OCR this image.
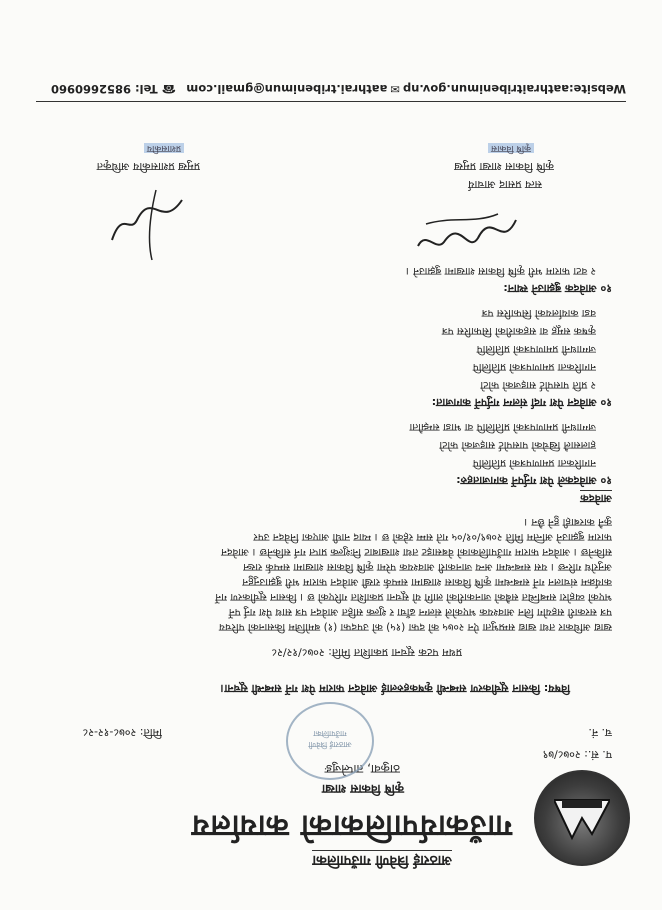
आठराई त्रिवेणी गाउँपालिका
गाउँकार्यपालिकाको कार्यालय
कृषि विकास शाखा
ठाकुवा, ताप्लेजुङ
आठराई त्रिवेणी गाउँपालिका
प. सं.: २०७८/७९
च. नं.
मिति: २०७८-१२-२८
विषय: किसान सूचीकरण सम्बन्धी कृषकहरुलाई आवेदन फाराम पेश गर्ने सम्बन्धी सूचना।
प्रथम पटक सूचना प्रकाशित मिति: २०७८/१२/२८
खाद्य अधिकार तथा खाद्य सम्प्रभुता ऐन २०७५ को दफा (१५) को उपदफा (१) बमोजिम किसानको परिचय
पत्र सरकारी सहयोग लिन आवश्यक भएकोले संलग्न ढाँचा र शुल्क सहित आवेदन पत्र साथ पेश गर्नु पर्ने
भएको व्यहोरा सम्बन्धित सबैको जानकारीको लागि यो सूचना प्रकाशित गरिएको छ । किसान सूचीकरण गर्ने
कार्यक्रम संचालन गर्ने सम्बन्धमा कृषि विकास शाखामा सम्पर्क राखी आवेदन फाराम भरी बुझाउनुहुन
अनुरोध गरिन्छ । यस सम्बन्धमा अन्य जानकारी आवश्यक परेमा कृषि विकास शाखामा सम्पर्क राख्न
सकिनेछ । आवेदन फाराम गाउँपालिकाको वेबसाइट तथा शाखाबाट निःशुल्क प्राप्त गर्न सकिनेछ । आवेदन
फाराम बुझाउने अन्तिम मिति २०७९/०१/०५ गते सम्म रहेको छ । म्याद नाघी आएका निवेदन उपर
कुनै कारबाही हुने छैन ।
आवेदक
१० आवेदकले पेश गर्नुपर्ने कागजातहरु:
नागरिकता प्रमाणपत्रको प्रतिलिपि
हालसालै खिचेको पासपोर्ट साइजको फोटो
जग्गाधनी प्रमाणपत्रको प्रतिलिपि वा भाडा सम्झौता
१० आवेदन पेश गर्दा संलग्न गर्नुपर्ने कागजात:
२ प्रति पासपोर्ट साइजको फोटो
नागरिकता प्रमाणपत्रको प्रतिलिपि
जग्गाधनी प्रमाणपत्रको प्रतिलिपि
कृषक समूह वा सहकारीको सिफारिस पत्र
वडा कार्यालयको सिफारिस पत्र
१० आवेदक बुझाउने स्थान:
२ वटा फाराम भरी कृषि विकास शाखामा बुझाउने ।
सत्य प्रसाद आचार्य
कृषि विकास शाखा प्रमुख
कृषि विकास
प्रमुख प्रशासकीय अधिकृत
प्रशासकीय
Website:aathraitribenimun.gov.np✉aathrai.tribenimun@gmail.com
☎ Tel: 9852660960
